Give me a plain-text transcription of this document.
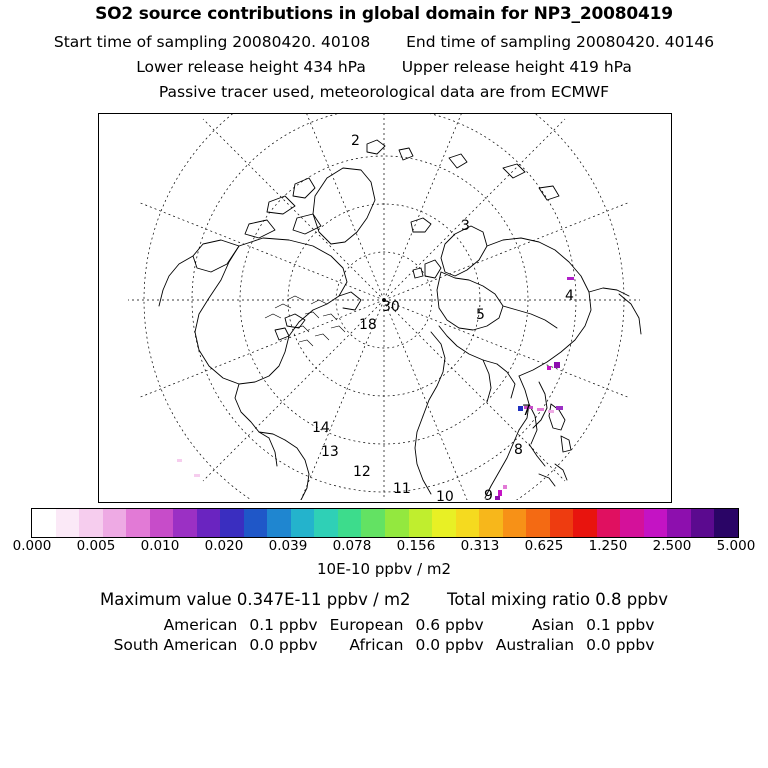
SO2 source contributions in global domain for NP3_20080419
Start time of sampling 20080420. 40108 End time of sampling 20080420. 40146
Lower release height 434 hPa Upper release height 419 hPa
Passive tracer used, meteorological data are from ECMWF
2
3
4
5
30
18
7
8
9
10
11
12
13
14
0.000 0.005 0.010 0.020 0.039 0.078 0.156 0.313 0.625 1.250 2.500 5.000
10E-10 ppbv / m2
Maximum value 0.347E-11 ppbv / m2 Total mixing ratio 0.8 ppbv
American	0.1 ppbv	European	0.6 ppbv	Asian	0.1 ppbv
South American	0.0 ppbv	African	0.0 ppbv	Australian	0.0 ppbv
